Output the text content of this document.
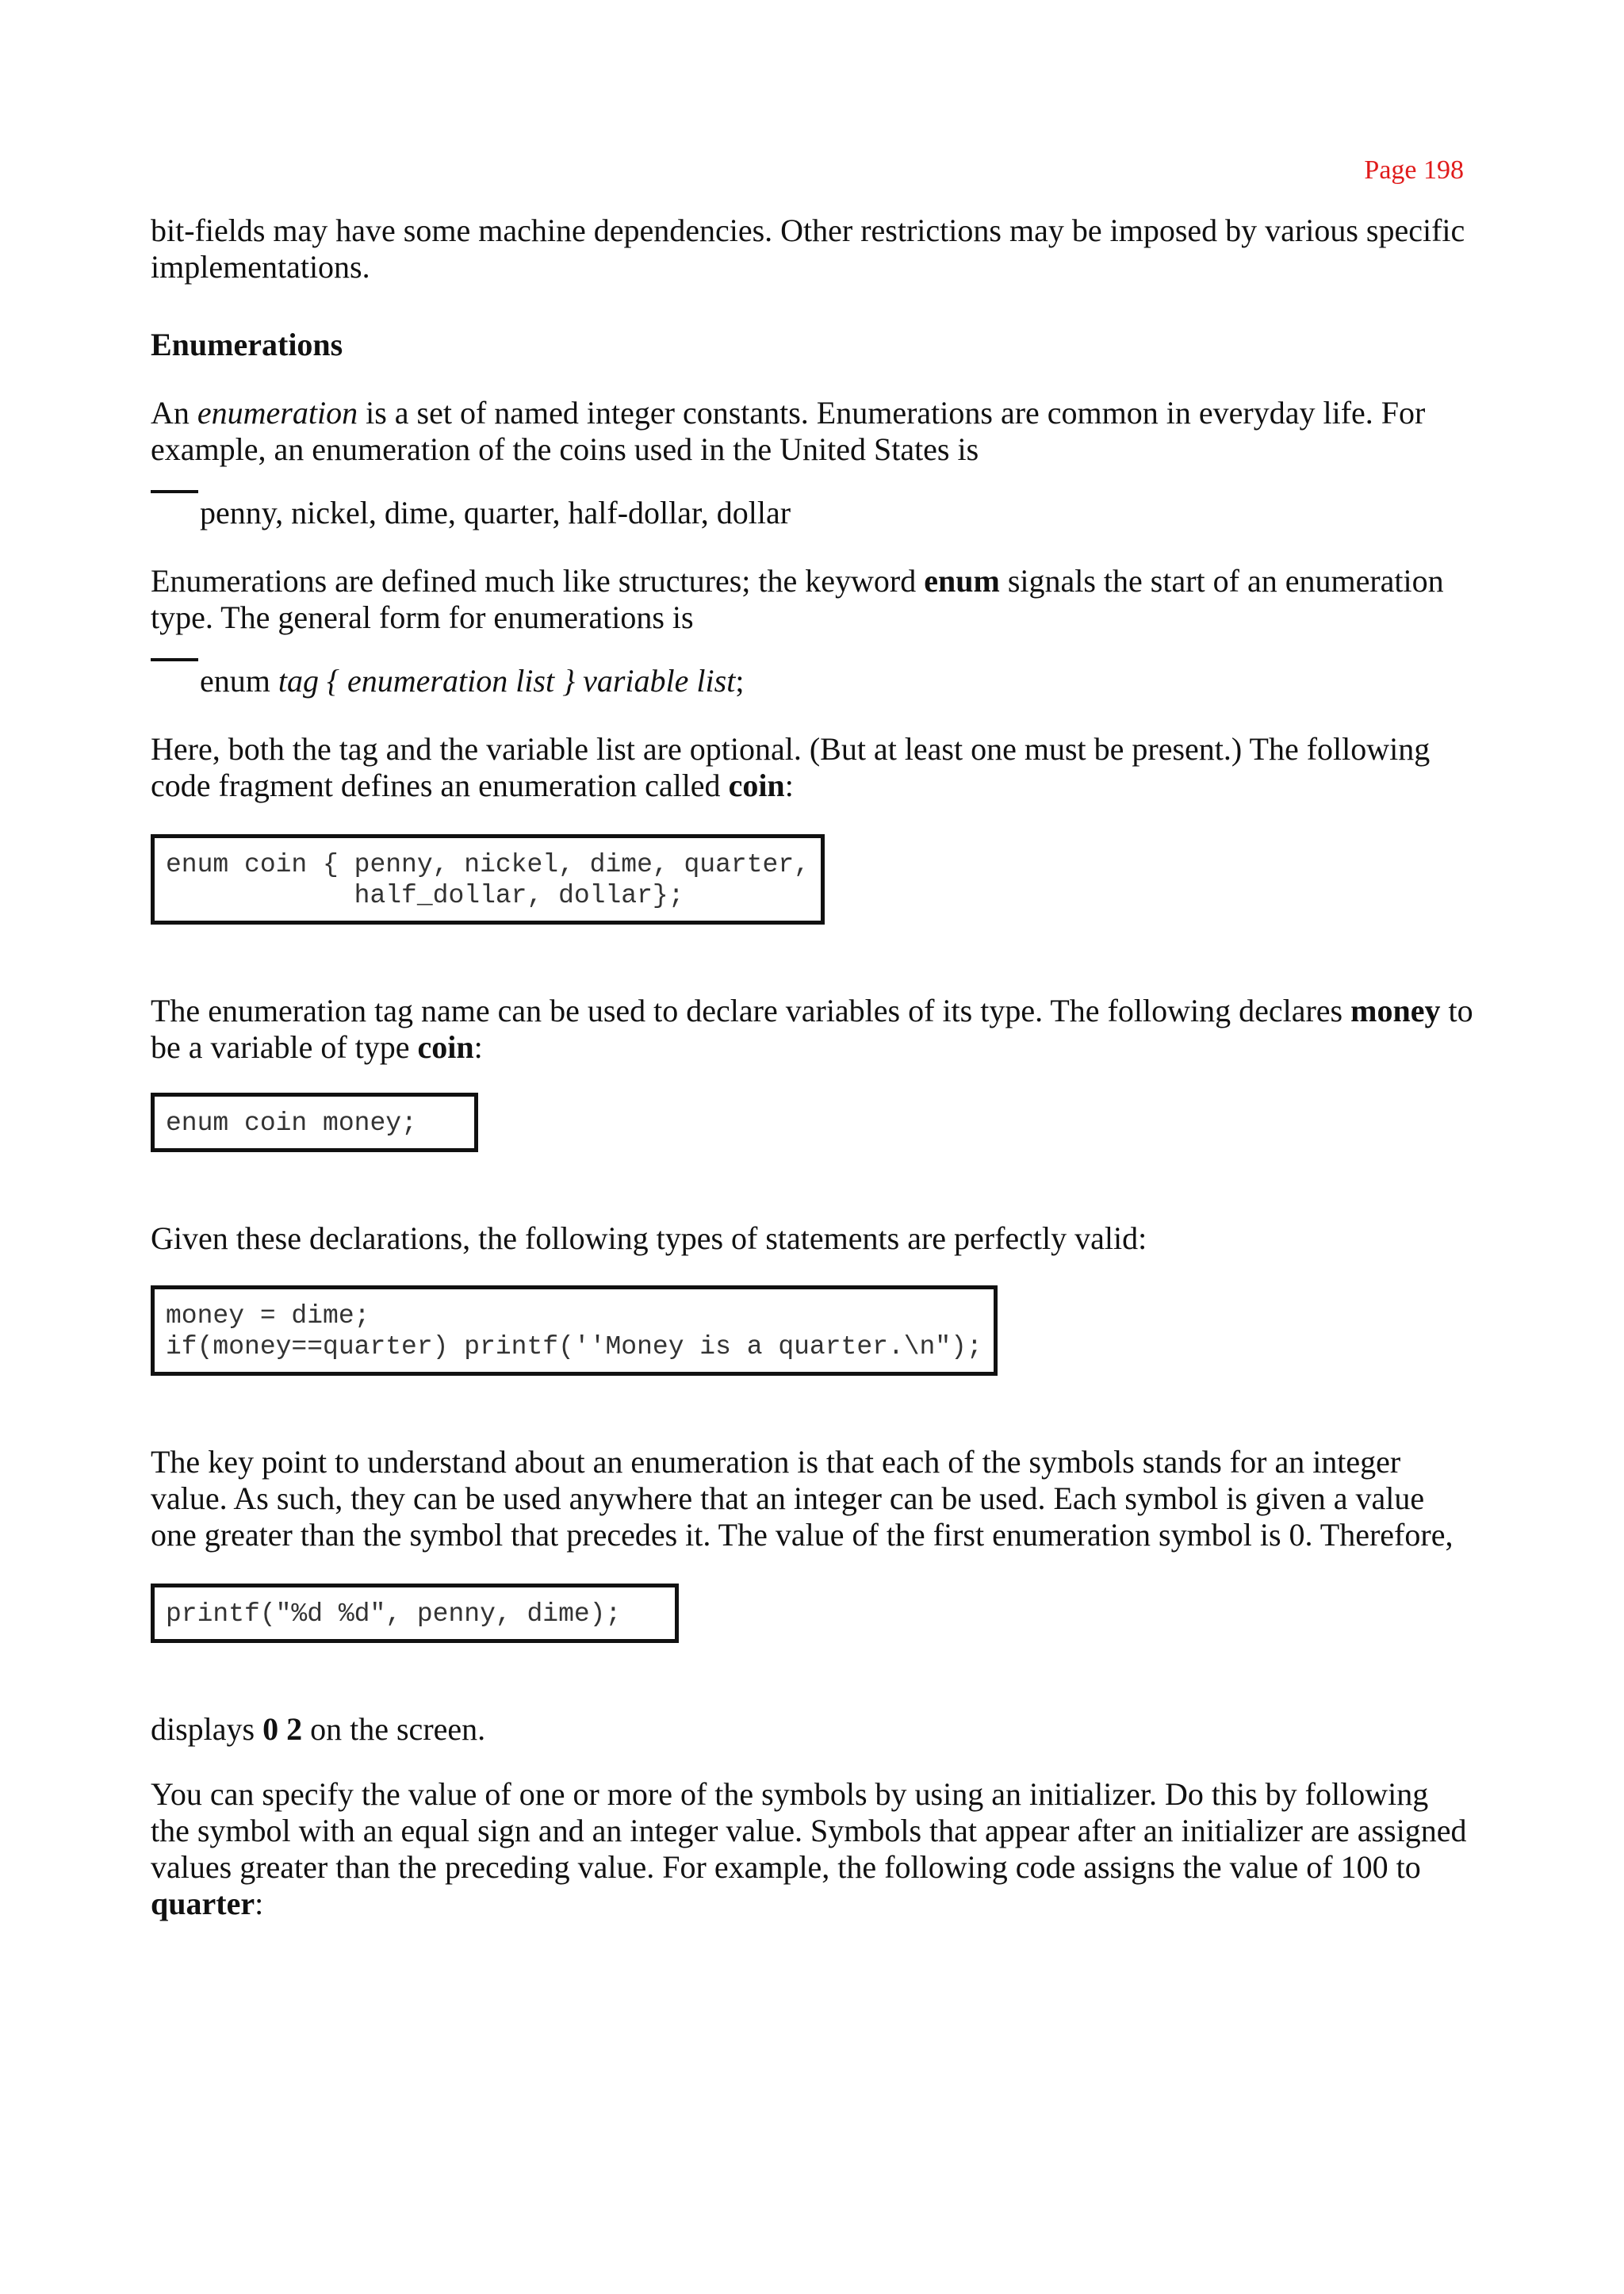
Page 198

bit-fields may have some machine dependencies. Other restrictions may be imposed by various specific implementations.

Enumerations

An enumeration is a set of named integer constants. Enumerations are common in everyday life. For example, an enumeration of the coins used in the United States is

penny, nickel, dime, quarter, half-dollar, dollar

Enumerations are defined much like structures; the keyword enum signals the start of an enumeration type. The general form for enumerations is

enum tag { enumeration list } variable list;

Here, both the tag and the variable list are optional. (But at least one must be present.) The following code fragment defines an enumeration called coin:

enum coin { penny, nickel, dime, quarter,
half_dollar, dollar};

The enumeration tag name can be used to declare variables of its type. The following declares money to be a variable of type coin:

enum coin money;

Given these declarations, the following types of statements are perfectly valid:

money = dime;
if(money==quarter) printf(''Money is a quarter.\n");

The key point to understand about an enumeration is that each of the symbols stands for an integer value. As such, they can be used anywhere that an integer can be used. Each symbol is given a value one greater than the symbol that precedes it. The value of the first enumeration symbol is 0. Therefore,

printf("%d %d", penny, dime);

displays 0 2 on the screen.

You can specify the value of one or more of the symbols by using an initializer. Do this by following the symbol with an equal sign and an integer value. Symbols that appear after an initializer are assigned values greater than the preceding value. For example, the following code assigns the value of 100 to quarter:
